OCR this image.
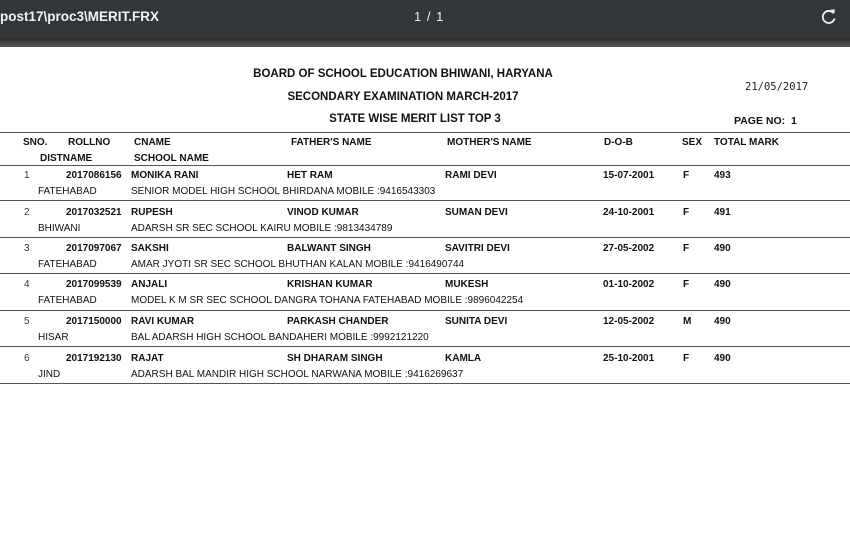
post17\proc3\MERIT.FRX	1 / 1
BOARD OF SCHOOL EDUCATION BHIWANI, HARYANA
SECONDARY EXAMINATION MARCH-2017
STATE WISE MERIT LIST TOP 3
21/05/2017
PAGE NO: 1
SNO. ROLLNO CNAME	FATHER'S NAME	MOTHER'S NAME	D-O-B	SEX TOTAL MARK
DISTNAME	SCHOOL NAME
1	2017086156 MONIKA RANI	HET RAM	RAMI DEVI	15-07-2001	F 493
FATEHABAD	SENIOR MODEL HIGH SCHOOL BHIRDANA MOBILE :9416543303
2	2017032521 RUPESH	VINOD KUMAR	SUMAN DEVI	24-10-2001	F 491
BHIWANI	ADARSH SR SEC SCHOOL KAIRU MOBILE :9813434789
3	2017097067 SAKSHI	BALWANT SINGH	SAVITRI DEVI	27-05-2002	F 490
FATEHABAD	AMAR JYOTI SR SEC SCHOOL BHUTHAN KALAN MOBILE :9416490744
4	2017099539 ANJALI	KRISHAN KUMAR	MUKESH	01-10-2002	F 490
FATEHABAD	MODEL K M SR SEC SCHOOL DANGRA TOHANA FATEHABAD MOBILE :9896042254
5	2017150000 RAVI KUMAR	PARKASH CHANDER	SUNITA DEVI	12-05-2002	M 490
HISAR	BAL ADARSH HIGH SCHOOL BANDAHERI MOBILE :9992121220
6	2017192130 RAJAT	SH DHARAM SINGH	KAMLA	25-10-2001	F 490
JIND	ADARSH BAL MANDIR HIGH SCHOOL NARWANA MOBILE :9416269637
